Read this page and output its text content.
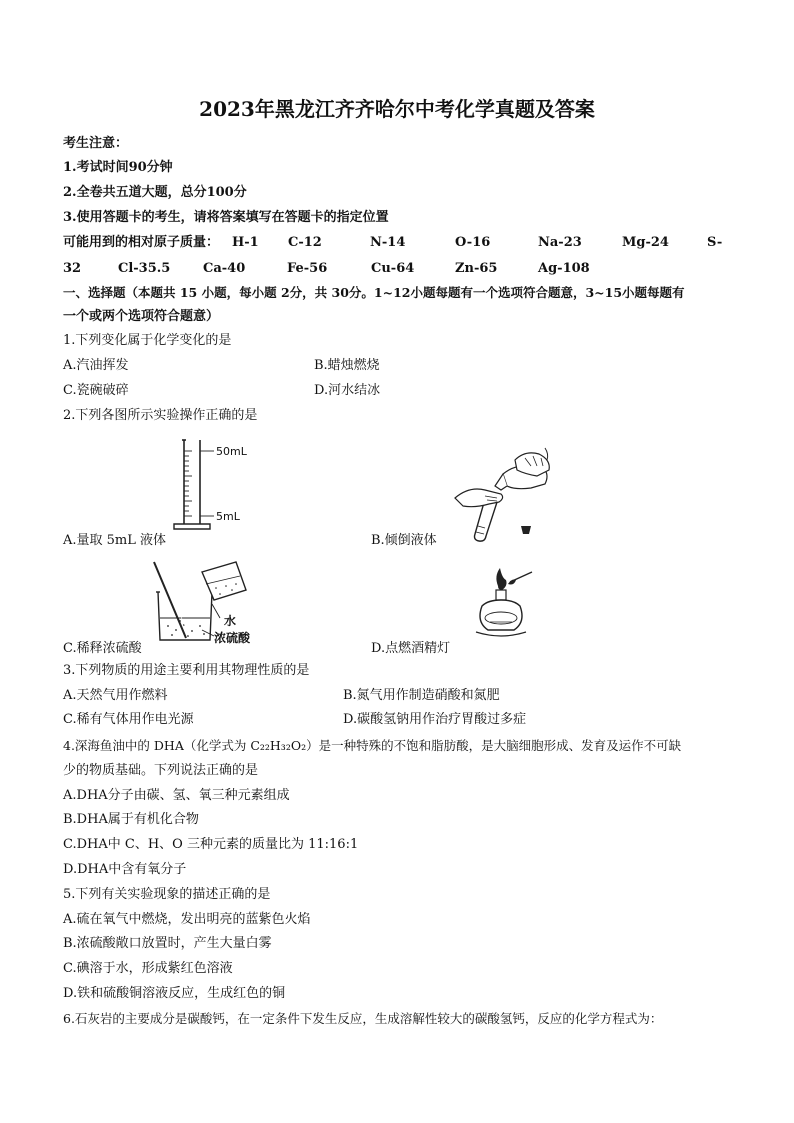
2023年黑龙江齐齐哈尔中考化学真题及答案
考生注意：
1.考试时间90分钟
2.全卷共五道大题，总分100分
3.使用答题卡的考生，请将答案填写在答题卡的指定位置
可能用到的相对原子质量： H-1 C-12	N-14	O-16	Na-23	Mg-24	S-
32	Cl-35.5	Ca-40	Fe-56	Cu-64	Zn-65	Ag-108
一、选择题（本题共 15 小题，每小题 2分，共 30分。1~12小题每题有一个选项符合题意，3~15小题每题有
一个或两个选项符合题意）
1.下列变化属于化学变化的是
A.汽油挥发	B.蜡烛燃烧
C.瓷碗破碎	D.河水结冰
2.下列各图所示实验操作正确的是
50mL
5mL
A.量取 5mL 液体	B.倾倒液体
水
浓硫酸
C.稀释浓硫酸	D.点燃酒精灯
3.下列物质的用途主要利用其物理性质的是
A.天然气用作燃料	B.氮气用作制造硝酸和氮肥
C.稀有气体用作电光源	D.碳酸氢钠用作治疗胃酸过多症
4.深海鱼油中的 DHA（化学式为 C₂₂H₃₂O₂）是一种特殊的不饱和脂肪酸，是大脑细胞形成、发育及运作不可缺
少的物质基础。下列说法正确的是
A.DHA分子由碳、氢、氧三种元素组成
B.DHA属于有机化合物
C.DHA中 C、H、O 三种元素的质量比为 11:16:1
D.DHA中含有氧分子
5.下列有关实验现象的描述正确的是
A.硫在氧气中燃烧，发出明亮的蓝紫色火焰
B.浓硫酸敞口放置时，产生大量白雾
C.碘溶于水，形成紫红色溶液
D.铁和硫酸铜溶液反应，生成红色的铜
6.石灰岩的主要成分是碳酸钙，在一定条件下发生反应，生成溶解性较大的碳酸氢钙，反应的化学方程式为：
